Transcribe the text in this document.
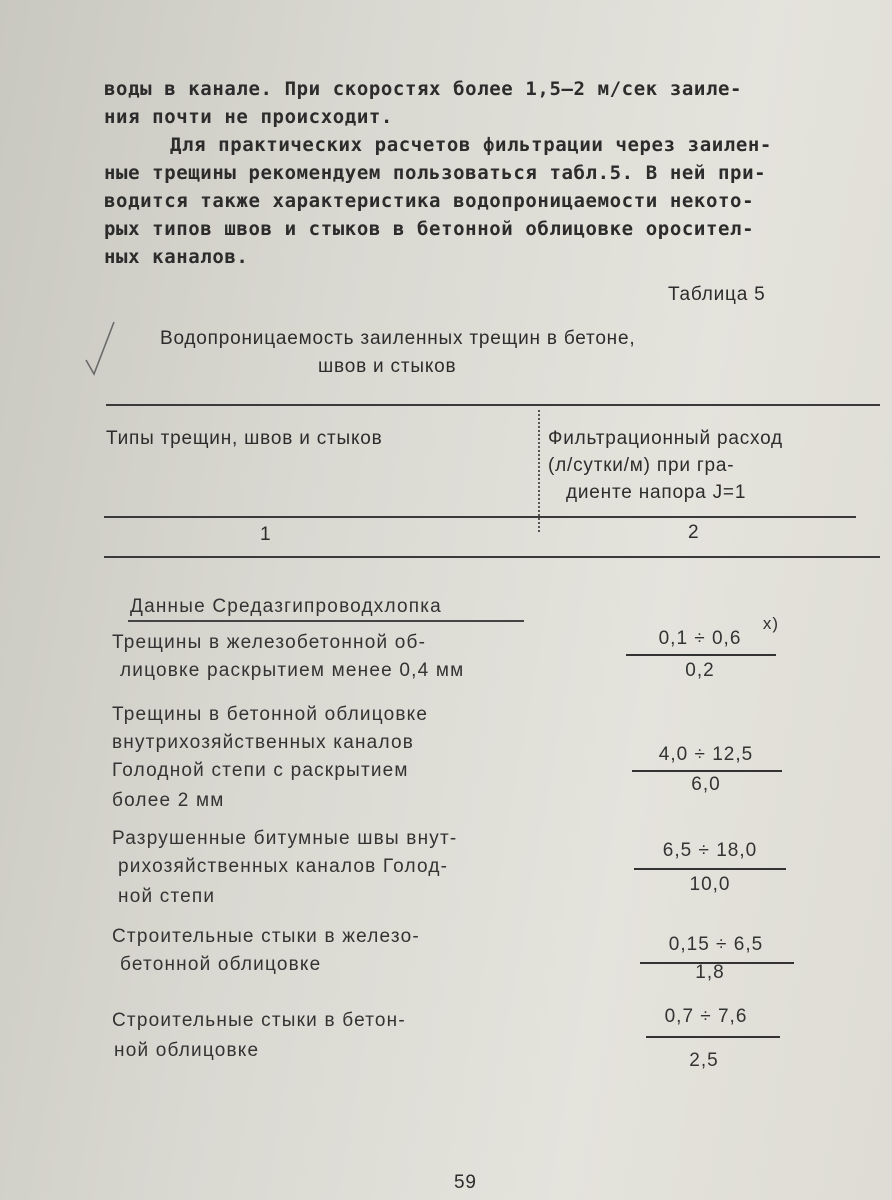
воды в канале. При скоростях более 1,5–2 м/сек заиле-
ния почти не происходит.
Для практических расчетов фильтрации через заилен-
ные трещины рекомендуем пользоваться табл.5. В ней при-
водится также характеристика водопроницаемости некото-
рых типов швов и стыков в бетонной облицовке оросител-
ных каналов.
Таблица 5
Водопроницаемость заиленных трещин в бетоне,
швов и стыков
Типы трещин, швов и стыков	Фильтрационный расход
(л/сутки/м) при гра-
диенте напора J=1
1	2
Данные Средазгипроводхлопка
Трещины в железобетонной об-
лицовке раскрытием менее 0,4 мм
0,1 ÷ 0,6
x)
0,2
Трещины в бетонной облицовке
внутрихозяйственных каналов
Голодной степи с раскрытием
более 2 мм
4,0 ÷ 12,5
6,0
Разрушенные битумные швы внут-
рихозяйственных каналов Голод-
ной степи
6,5 ÷ 18,0
10,0
Строительные стыки в железо-
бетонной облицовке
0,15 ÷ 6,5
1,8
Строительные стыки в бетон-
ной облицовке
0,7 ÷ 7,6
2,5
59
